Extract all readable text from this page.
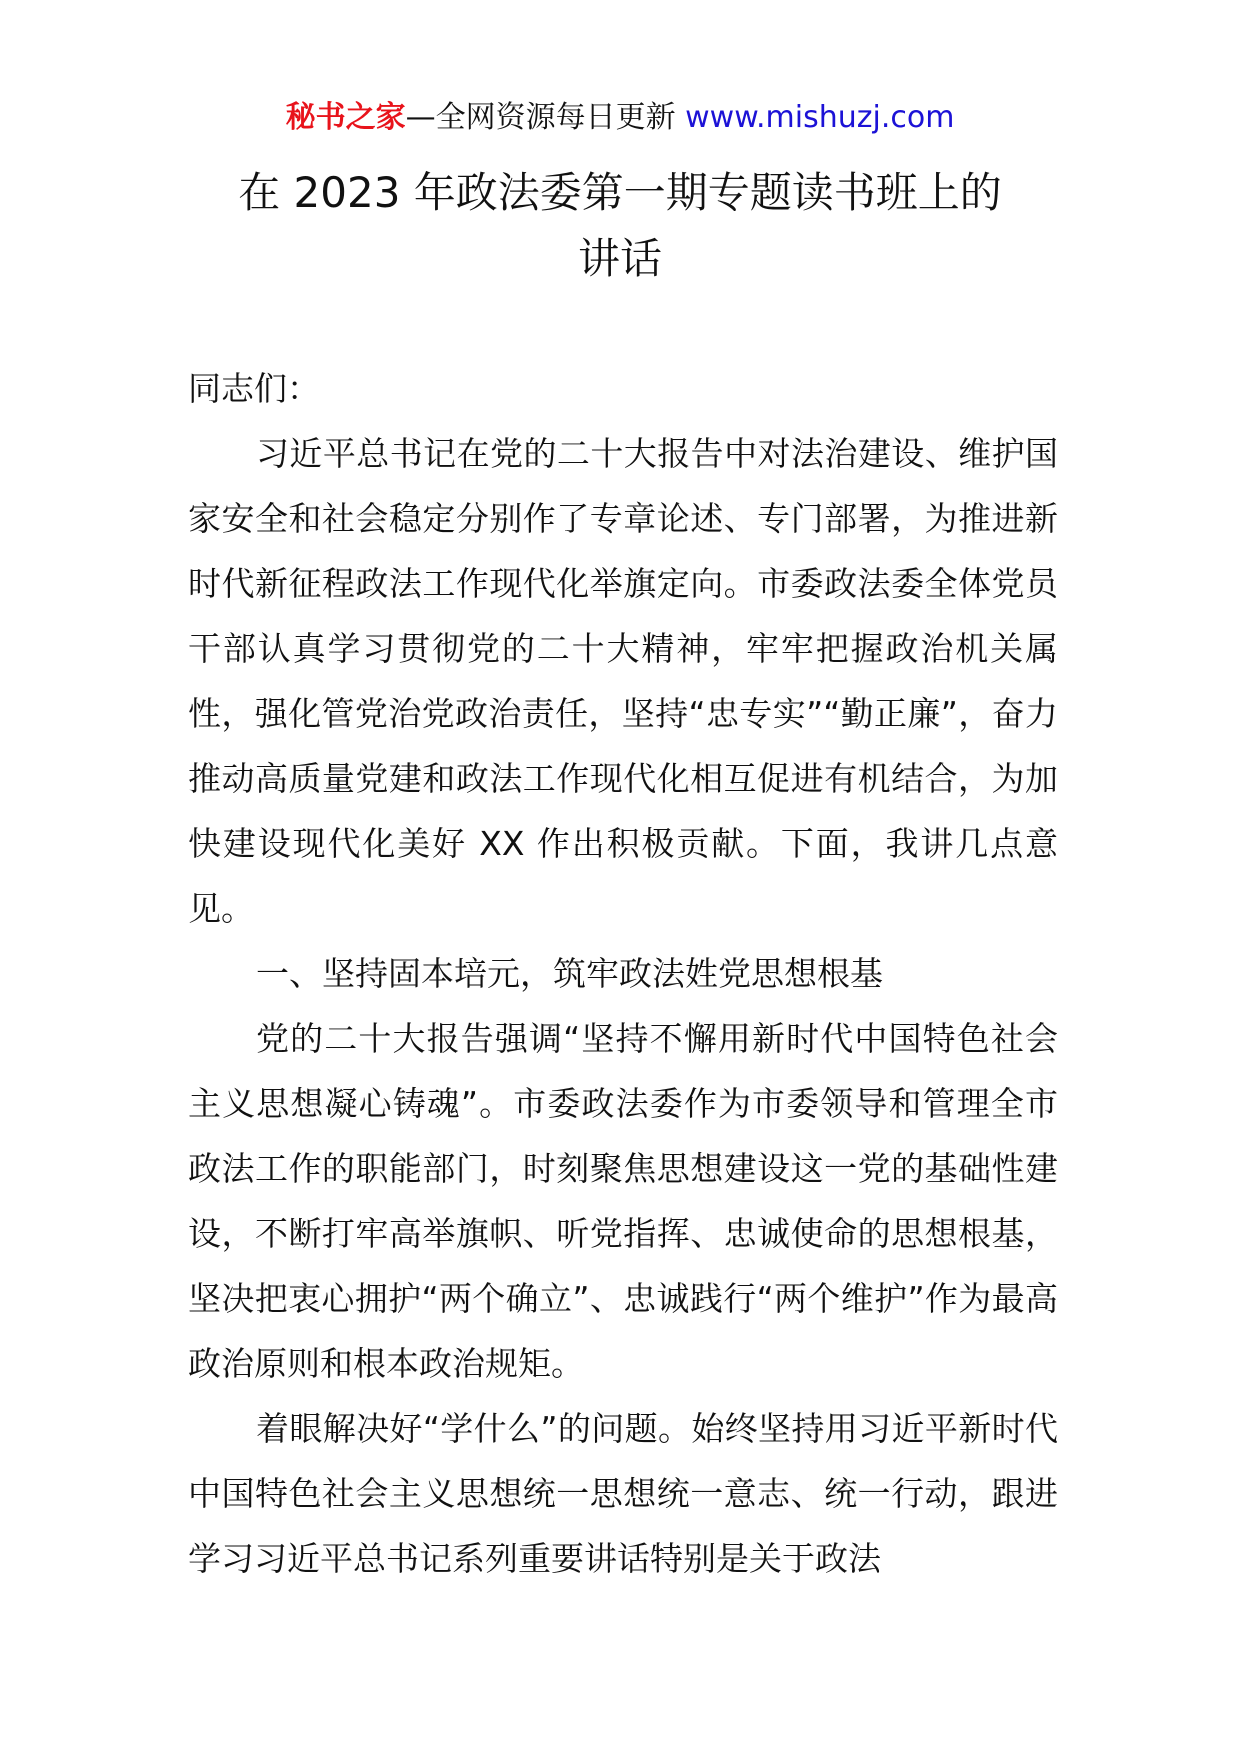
秘书之家—全网资源每日更新 www.mishuzj.com
在 2023 年政法委第一期专题读书班上的
讲话

同志们：

习近平总书记在党的二十大报告中对法治建设、维护国家安全和社会稳定分别作了专章论述、专门部署，为推进新时代新征程政法工作现代化举旗定向。市委政法委全体党员干部认真学习贯彻党的二十大精神，牢牢把握政治机关属性，强化管党治党政治责任，坚持“忠专实”“勤正廉”，奋力推动高质量党建和政法工作现代化相互促进有机结合，为加快建设现代化美好 XX 作出积极贡献。下面，我讲几点意见。

一、坚持固本培元，筑牢政法姓党思想根基

党的二十大报告强调“坚持不懈用新时代中国特色社会主义思想凝心铸魂”。市委政法委作为市委领导和管理全市政法工作的职能部门，时刻聚焦思想建设这一党的基础性建设，不断打牢高举旗帜、听党指挥、忠诚使命的思想根基，坚决把衷心拥护“两个确立”、忠诚践行“两个维护”作为最高政治原则和根本政治规矩。

着眼解决好“学什么”的问题。始终坚持用习近平新时代中国特色社会主义思想统一思想统一意志、统一行动，跟进学习习近平总书记系列重要讲话特别是关于政法
